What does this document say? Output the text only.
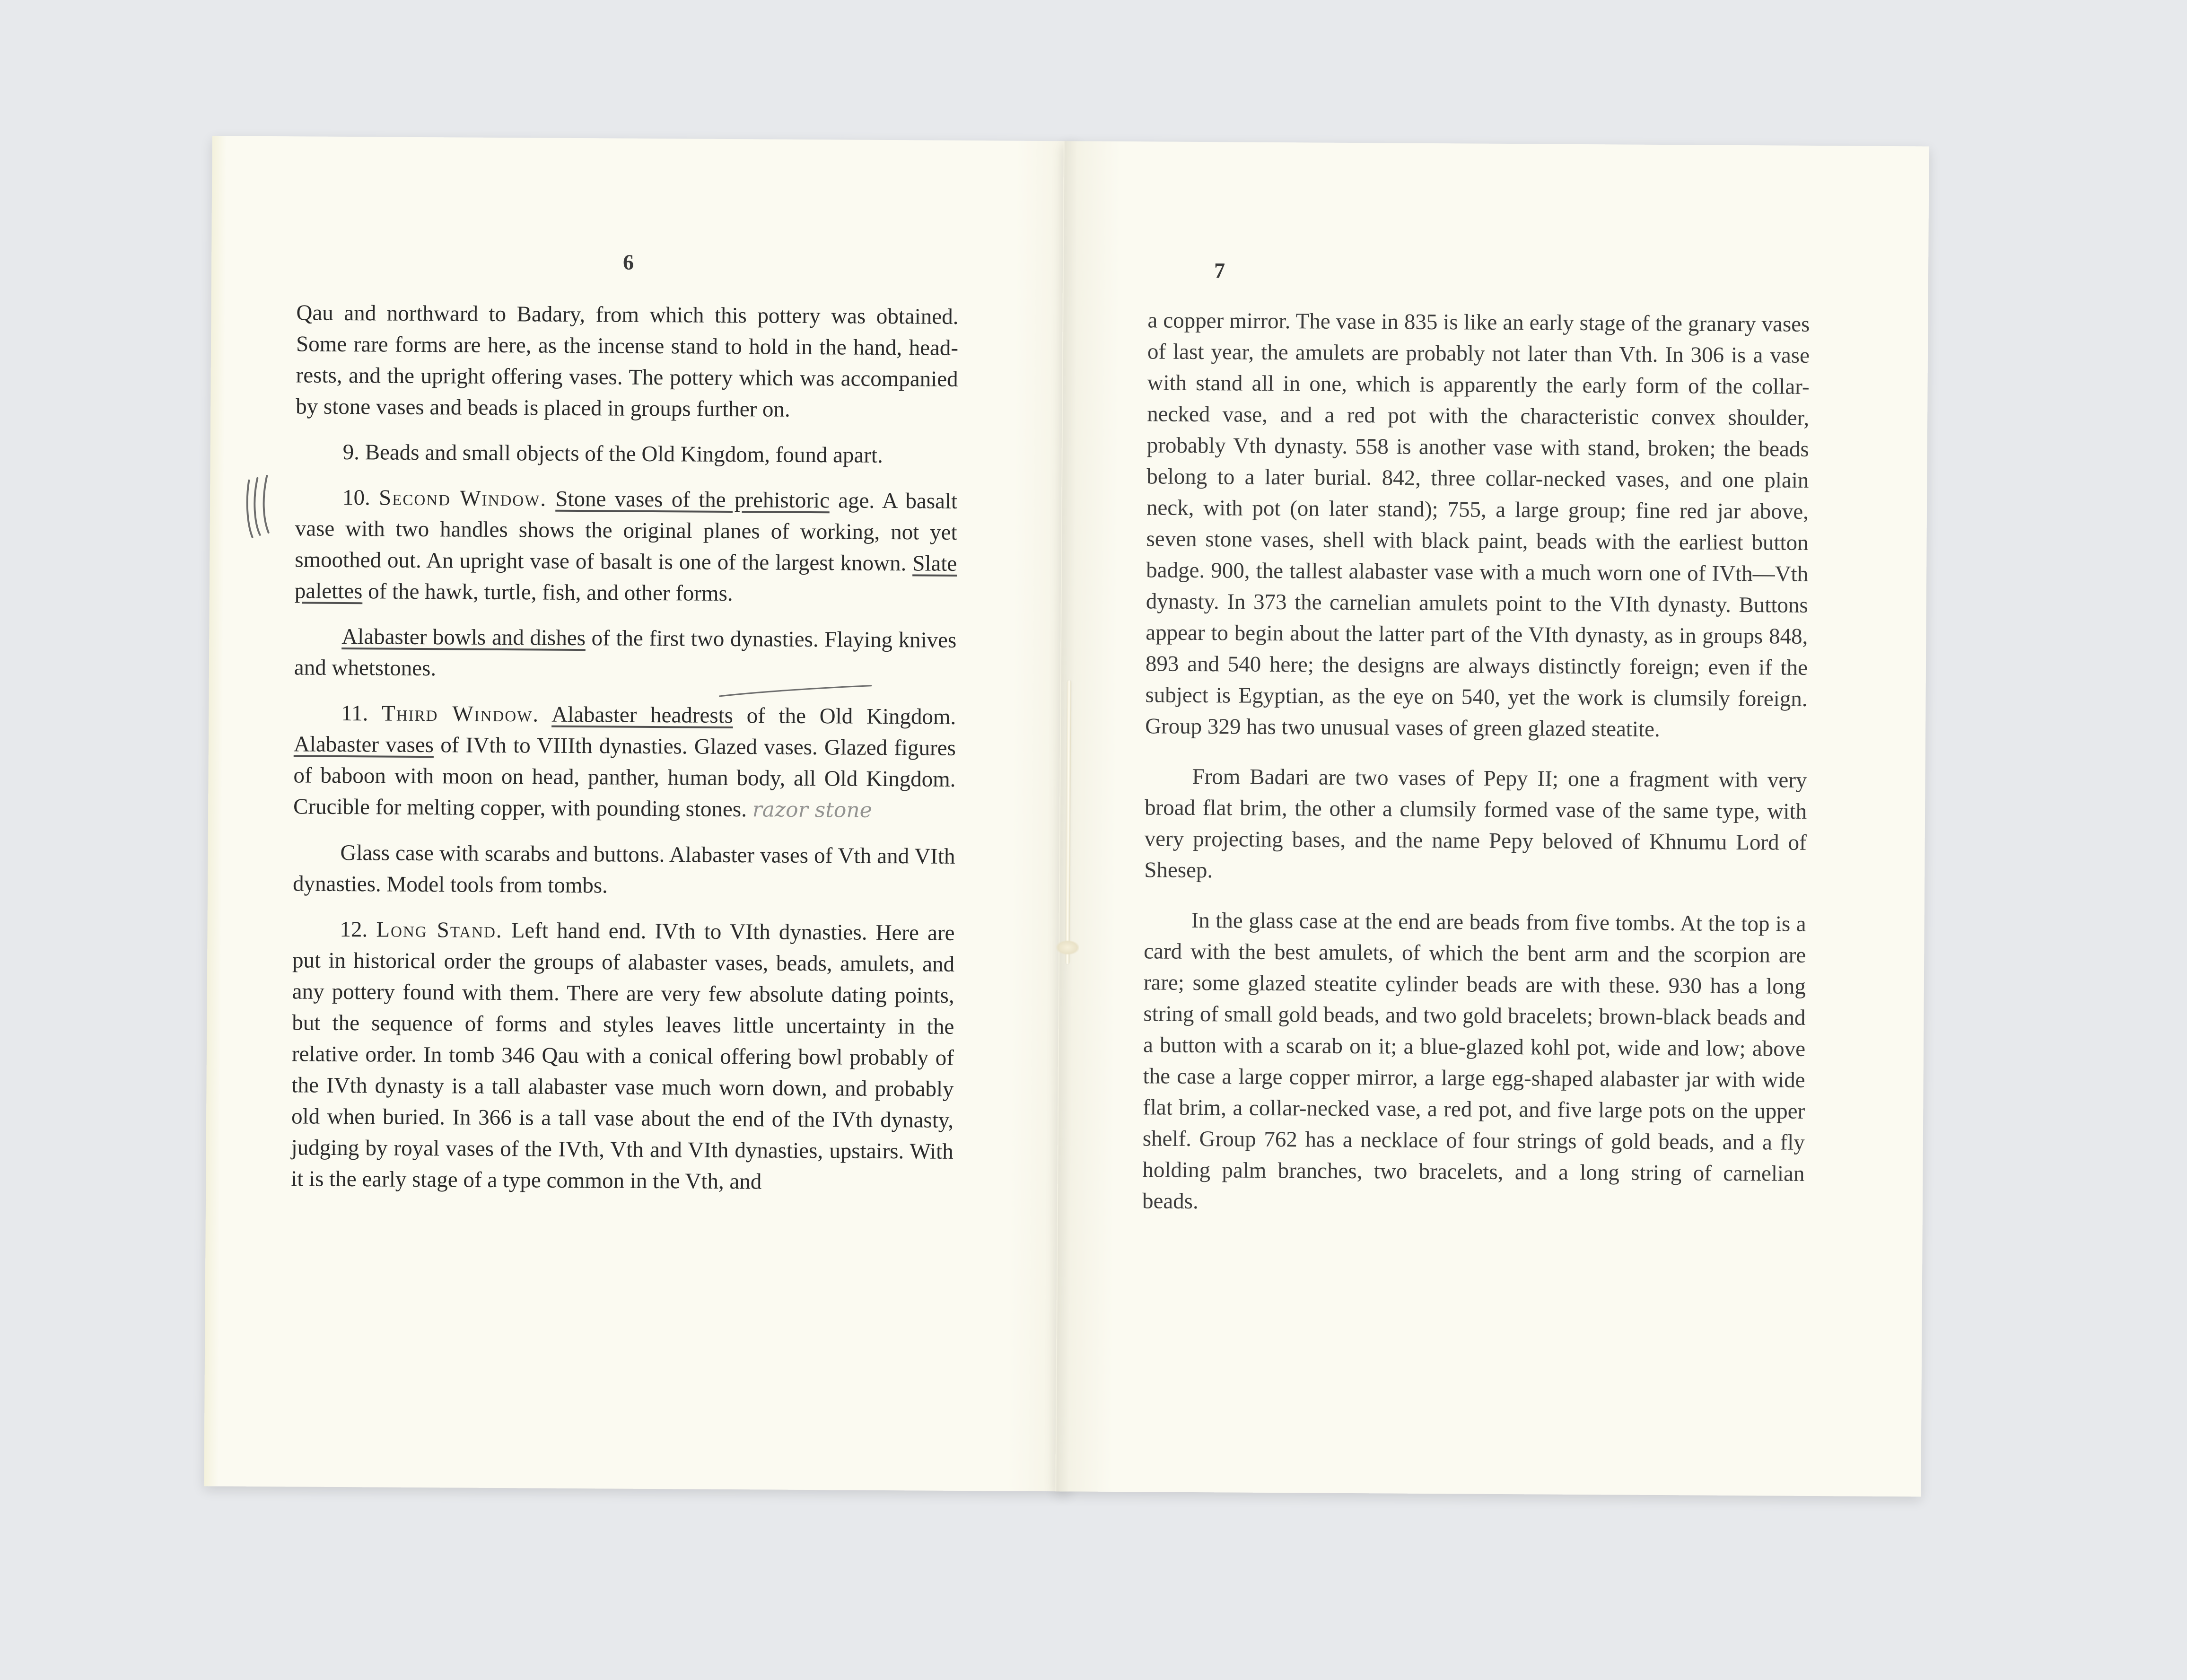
6

Qau and northward to Badary, from which this pottery was obtained. Some rare forms are here, as the incense stand to hold in the hand, head-rests, and the upright offering vases. The pottery which was accompanied by stone vases and beads is placed in groups further on.

9. Beads and small objects of the Old Kingdom, found apart.

10. Second Window. Stone vases of the prehistoric age. A basalt vase with two handles shows the original planes of working, not yet smoothed out. An upright vase of basalt is one of the largest known. Slate palettes of the hawk, turtle, fish, and other forms.

Alabaster bowls and dishes of the first two dynasties. Flaying knives and whetstones.

11. Third Window. Alabaster headrests of the Old Kingdom. Alabaster vases of IVth to VIIIth dynasties. Glazed vases. Glazed figures of baboon with moon on head, panther, human body, all Old Kingdom. Crucible for melting copper, with pounding stones. razor stone

Glass case with scarabs and buttons. Alabaster vases of Vth and VIth dynasties. Model tools from tombs.

12. Long Stand. Left hand end. IVth to VIth dynasties. Here are put in historical order the groups of alabaster vases, beads, amulets, and any pottery found with them. There are very few absolute dating points, but the sequence of forms and styles leaves little uncertainty in the relative order. In tomb 346 Qau with a conical offering bowl probably of the IVth dynasty is a tall alabaster vase much worn down, and probably old when buried. In 366 is a tall vase about the end of the IVth dynasty, judging by royal vases of the IVth, Vth and VIth dynasties, upstairs. With it is the early stage of a type common in the Vth, and

7

a copper mirror. The vase in 835 is like an early stage of the granary vases of last year, the amulets are probably not later than Vth. In 306 is a vase with stand all in one, which is apparently the early form of the collar-necked vase, and a red pot with the characteristic convex shoulder, probably Vth dynasty. 558 is another vase with stand, broken; the beads belong to a later burial. 842, three collar-necked vases, and one plain neck, with pot (on later stand); 755, a large group; fine red jar above, seven stone vases, shell with black paint, beads with the earliest button badge. 900, the tallest alabaster vase with a much worn one of IVth—Vth dynasty. In 373 the carnelian amulets point to the VIth dynasty. Buttons appear to begin about the latter part of the VIth dynasty, as in groups 848, 893 and 540 here; the designs are always distinctly foreign; even if the subject is Egyptian, as the eye on 540, yet the work is clumsily foreign. Group 329 has two unusual vases of green glazed steatite.

From Badari are two vases of Pepy II; one a fragment with very broad flat brim, the other a clumsily formed vase of the same type, with very projecting bases, and the name Pepy beloved of Khnumu Lord of Shesep.

In the glass case at the end are beads from five tombs. At the top is a card with the best amulets, of which the bent arm and the scorpion are rare; some glazed steatite cylinder beads are with these. 930 has a long string of small gold beads, and two gold bracelets; brown-black beads and a button with a scarab on it; a blue-glazed kohl pot, wide and low; above the case a large copper mirror, a large egg-shaped alabaster jar with wide flat brim, a collar-necked vase, a red pot, and five large pots on the upper shelf. Group 762 has a necklace of four strings of gold beads, and a fly holding palm branches, two bracelets, and a long string of carnelian beads.
